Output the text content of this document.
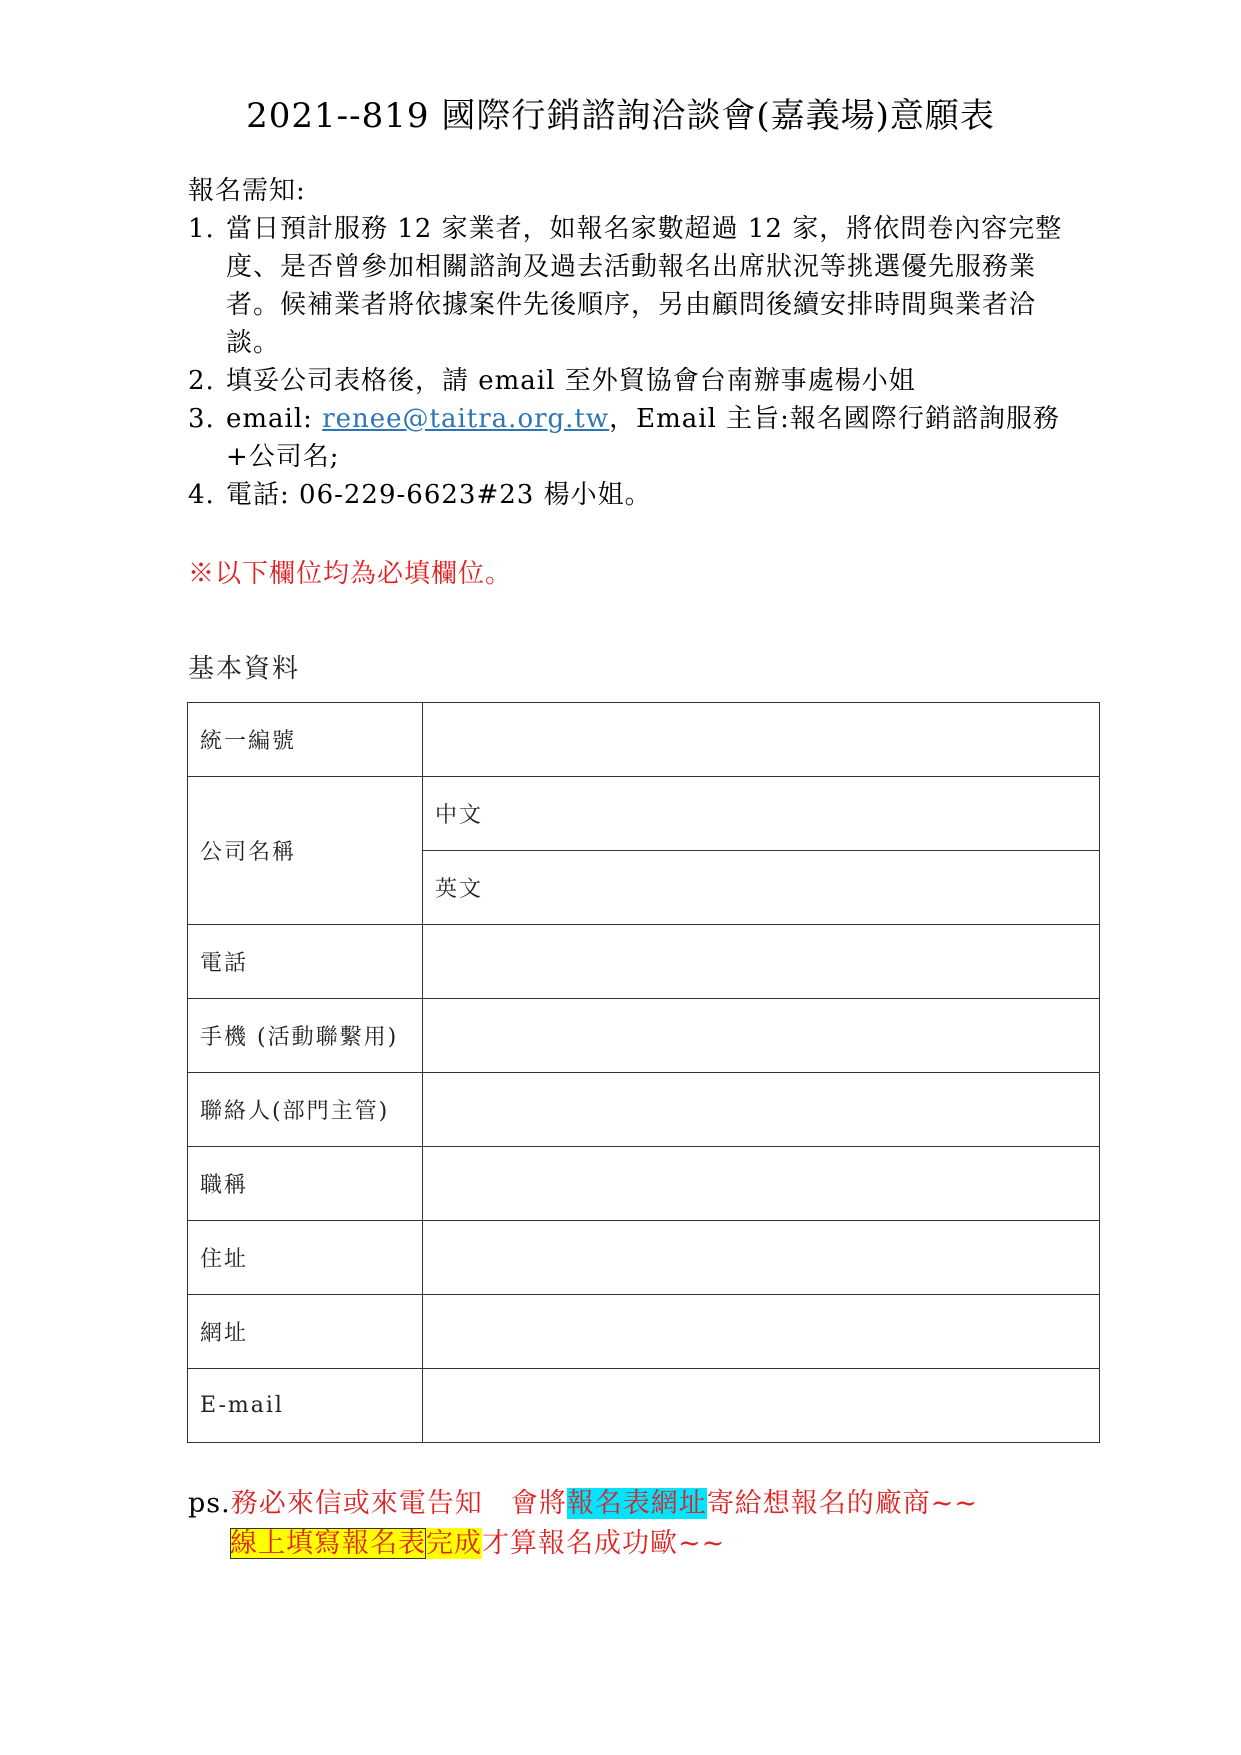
2021--819 國際行銷諮詢洽談會(嘉義場)意願表
報名需知:
1. 當日預計服務 12 家業者，如報名家數超過 12 家，將依問卷內容完整度、是否曾參加相關諮詢及過去活動報名出席狀況等挑選優先服務業者。候補業者將依據案件先後順序，另由顧問後續安排時間與業者洽談。
2. 填妥公司表格後，請 email 至外貿協會台南辦事處楊小姐
3. email: renee@taitra.org.tw，Email 主旨:報名國際行銷諮詢服務+公司名;
4. 電話: 06-229-6623#23 楊小姐。
※以下欄位均為必填欄位。
基本資料
統一編號	
公司名稱	中文
	英文
電話	
手機 (活動聯繫用)	
聯絡人(部門主管)	
職稱	
住址	
網址	
E-mail	
ps.務必來信或來電告知　會將報名表網址寄給想報名的廠商~~
線上填寫報名表完成才算報名成功歐~~
